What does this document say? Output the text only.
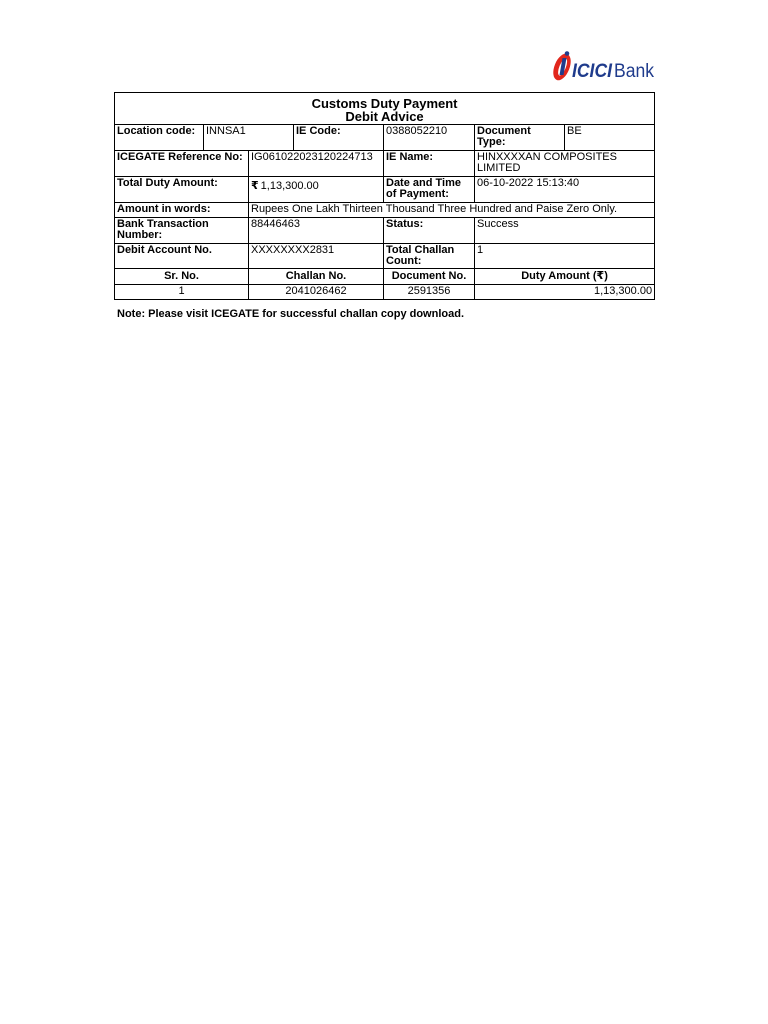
ICICI Bank
Customs Duty Payment
Debit Advice						

Location code:	INNSA1		IE Code:	0388052210	Document Type:	BE
ICEGATE Reference No:		IG061022023120224713		IE Name:	HINXXXXAN COMPOSITES LIMITED	
Total Duty Amount:		₹ 1,13,300.00		Date and Time of Payment:	06-10-2022 15:13:40	
Amount in words:		Rupees One Lakh Thirteen Thousand Three Hundred and Paise Zero Only.				
Bank Transaction Number:		88446463		Status:	Success	
Debit Account No.		XXXXXXXX2831		Total Challan Count:	1	
Sr. No.		Challan No.		Document No.	Duty Amount (₹)	
1		2041026462		2591356	1,13,300.00	
Note: Please visit ICEGATE for successful challan copy download.
